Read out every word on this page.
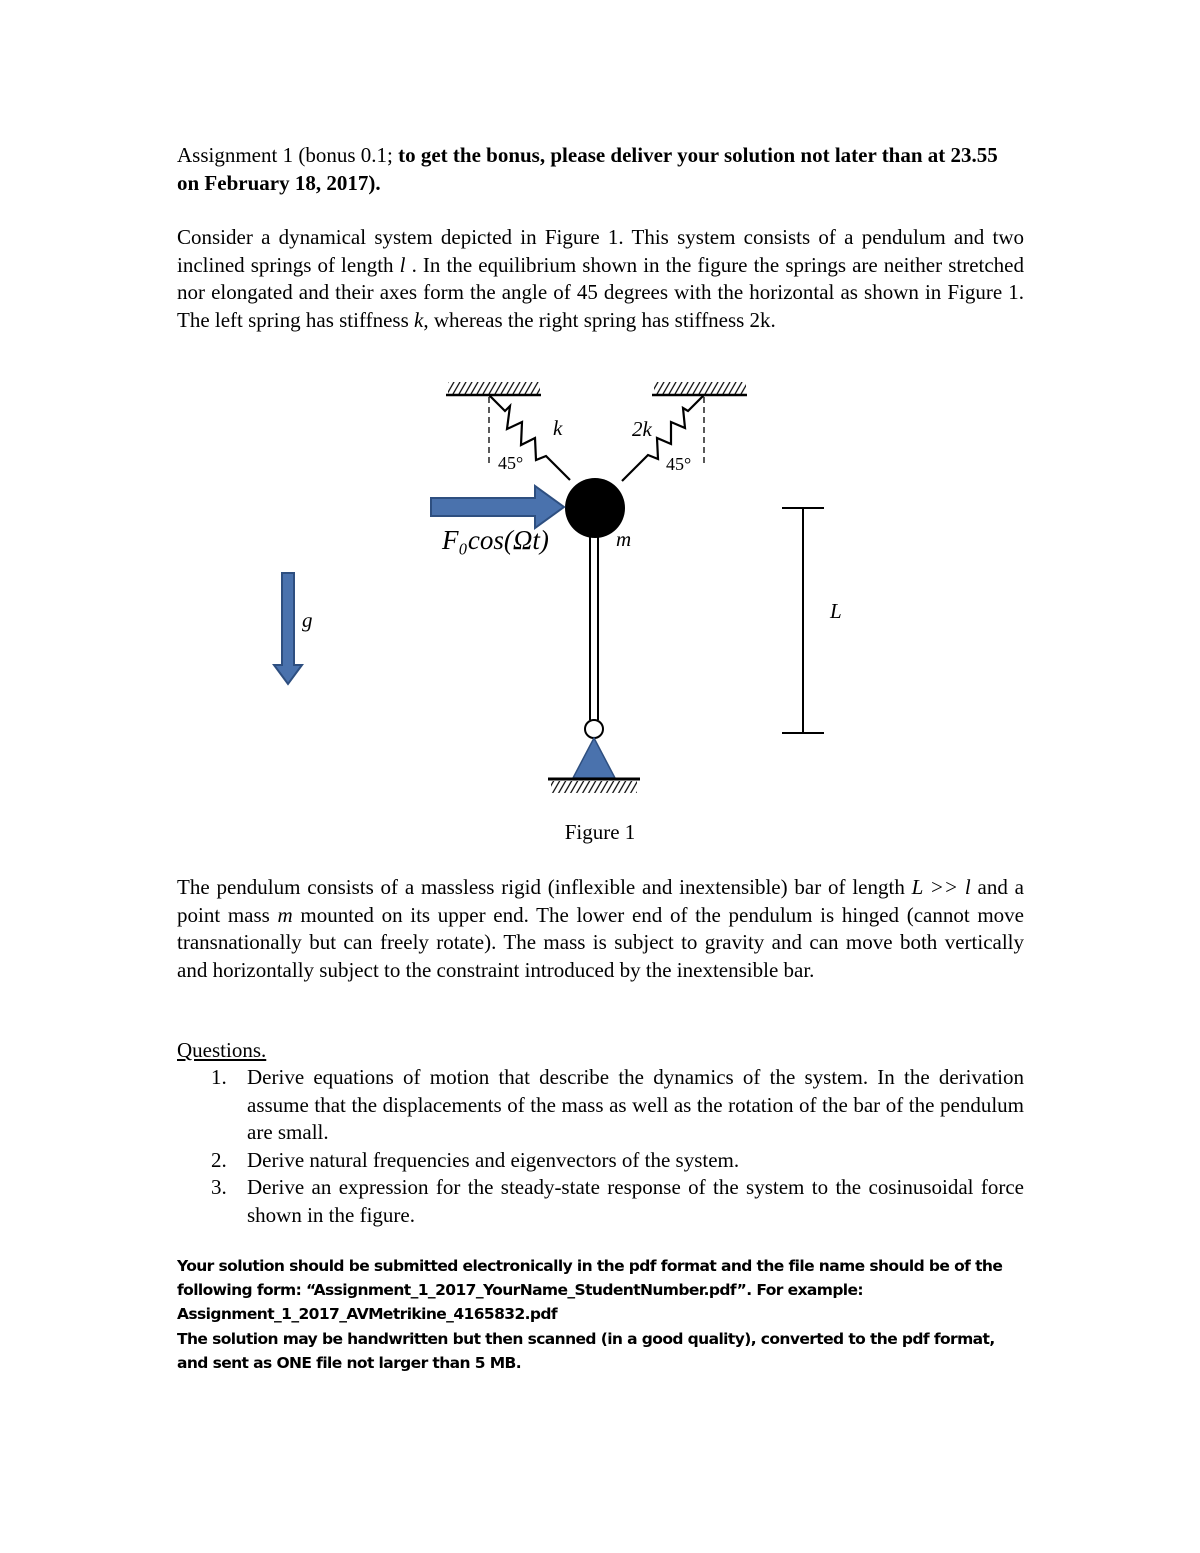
Assignment 1 (bonus 0.1; to get the bonus, please deliver your solution not later than at 23.55 on February 18, 2017).
Consider a dynamical system depicted in Figure 1. This system consists of a pendulum and two inclined springs of length l . In the equilibrium shown in the figure the springs are neither stretched nor elongated and their axes form the angle of 45 degrees with the horizontal as shown in Figure 1. The left spring has stiffness k, whereas the right spring has stiffness 2k.
k	2k
45°	45°
m
F₀cos(Ωt)
g	L
Figure 1
The pendulum consists of a massless rigid (inflexible and inextensible) bar of length L >> l and a point mass m mounted on its upper end. The lower end of the pendulum is hinged (cannot move transnationally but can freely rotate). The mass is subject to gravity and can move both vertically and horizontally subject to the constraint introduced by the inextensible bar.
Questions.
1. Derive equations of motion that describe the dynamics of the system. In the derivation assume that the displacements of the mass as well as the rotation of the bar of the pendulum are small.
2. Derive natural frequencies and eigenvectors of the system.
3. Derive an expression for the steady-state response of the system to the cosinusoidal force shown in the figure.

Your solution should be submitted electronically in the pdf format and the file name should be of the following form: “Assignment_1_2017_YourName_StudentNumber.pdf”. For example:

Assignment_1_2017_AVMetrikine_4165832.pdf

The solution may be handwritten but then scanned (in a good quality), converted to the pdf format, and sent as ONE file not larger than 5 MB.
